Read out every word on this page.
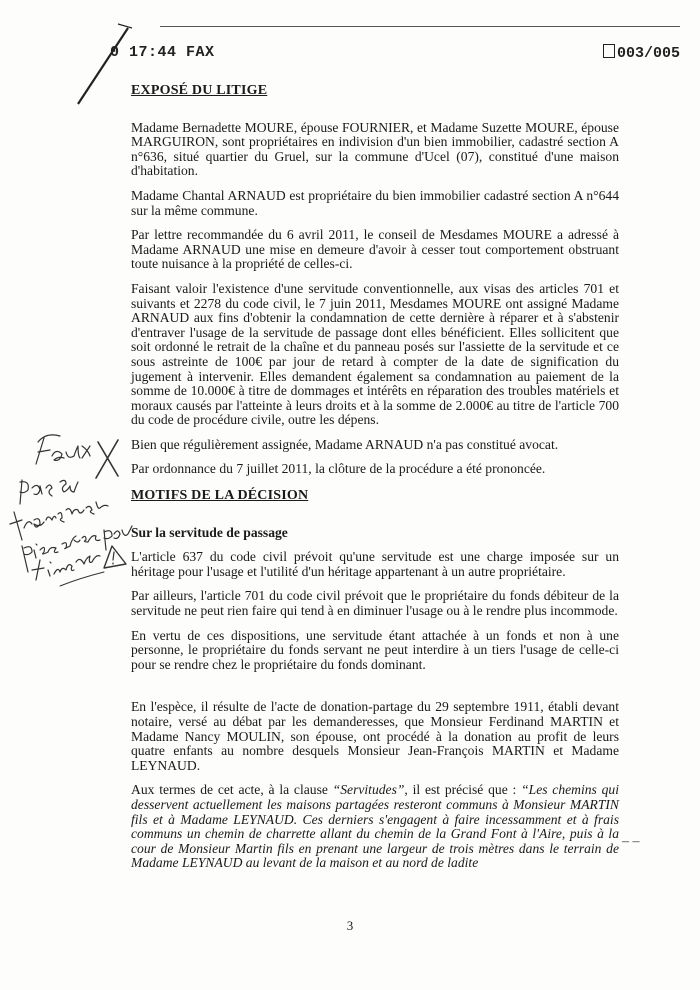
0 17:44 FAX	003/005
EXPOSÉ DU LITIGE

Madame Bernadette MOURE, épouse FOURNIER, et Madame Suzette MOURE, épouse MARGUIRON, sont propriétaires en indivision d'un bien immobilier, cadastré section A n°636, situé quartier du Gruel, sur la commune d'Ucel (07), constitué d'une maison d'habitation.

Madame Chantal ARNAUD est propriétaire du bien immobilier cadastré section A n°644 sur la même commune.

Par lettre recommandée du 6 avril 2011, le conseil de Mesdames MOURE a adressé à Madame ARNAUD une mise en demeure d'avoir à cesser tout comportement obstruant toute nuisance à la propriété de celles-ci.

Faisant valoir l'existence d'une servitude conventionnelle, aux visas des articles 701 et suivants et 2278 du code civil, le 7 juin 2011, Mesdames MOURE ont assigné Madame ARNAUD aux fins d'obtenir la condamnation de cette dernière à réparer et à s'abstenir d'entraver l'usage de la servitude de passage dont elles bénéficient. Elles sollicitent que soit ordonné le retrait de la chaîne et du panneau posés sur l'assiette de la servitude et ce sous astreinte de 100€ par jour de retard à compter de la date de signification du jugement à intervenir. Elles demandent également sa condamnation au paiement de la somme de 10.000€ à titre de dommages et intérêts en réparation des troubles matériels et moraux causés par l'atteinte à leurs droits et à la somme de 2.000€ au titre de l'article 700 du code de procédure civile, outre les dépens.

Bien que régulièrement assignée, Madame ARNAUD n'a pas constitué avocat.

Par ordonnance du 7 juillet 2011, la clôture de la procédure a été prononcée.

MOTIFS DE LA DÉCISION
Sur la servitude de passage

L'article 637 du code civil prévoit qu'une servitude est une charge imposée sur un héritage pour l'usage et l'utilité d'un héritage appartenant à un autre propriétaire.

Par ailleurs, l'article 701 du code civil prévoit que le propriétaire du fonds débiteur de la servitude ne peut rien faire qui tend à en diminuer l'usage ou à le rendre plus incommode.

En vertu de ces dispositions, une servitude étant attachée à un fonds et non à une personne, le propriétaire du fonds servant ne peut interdire à un tiers l'usage de celle-ci pour se rendre chez le propriétaire du fonds dominant.

En l'espèce, il résulte de l'acte de donation-partage du 29 septembre 1911, établi devant notaire, versé au débat par les demanderesses, que Monsieur Ferdinand MARTIN et Madame Nancy MOULIN, son épouse, ont procédé à la donation au profit de leurs quatre enfants au nombre desquels Monsieur Jean-François MARTIN et Madame LEYNAUD.

Aux termes de cet acte, à la clause “Servitudes”, il est précisé que : “Les chemins qui desservent actuellement les maisons partagées resteront communs à Monsieur MARTIN fils et à Madame LEYNAUD. Ces derniers s'engagent à faire incessamment et à frais communs un chemin de charrette allant du chemin de la Grand Font à l'Aire, puis à la cour de Monsieur Martin fils en prenant une largeur de trois mètres dans le terrain de Madame LEYNAUD au levant de la maison et au nord de ladite

– –
3
